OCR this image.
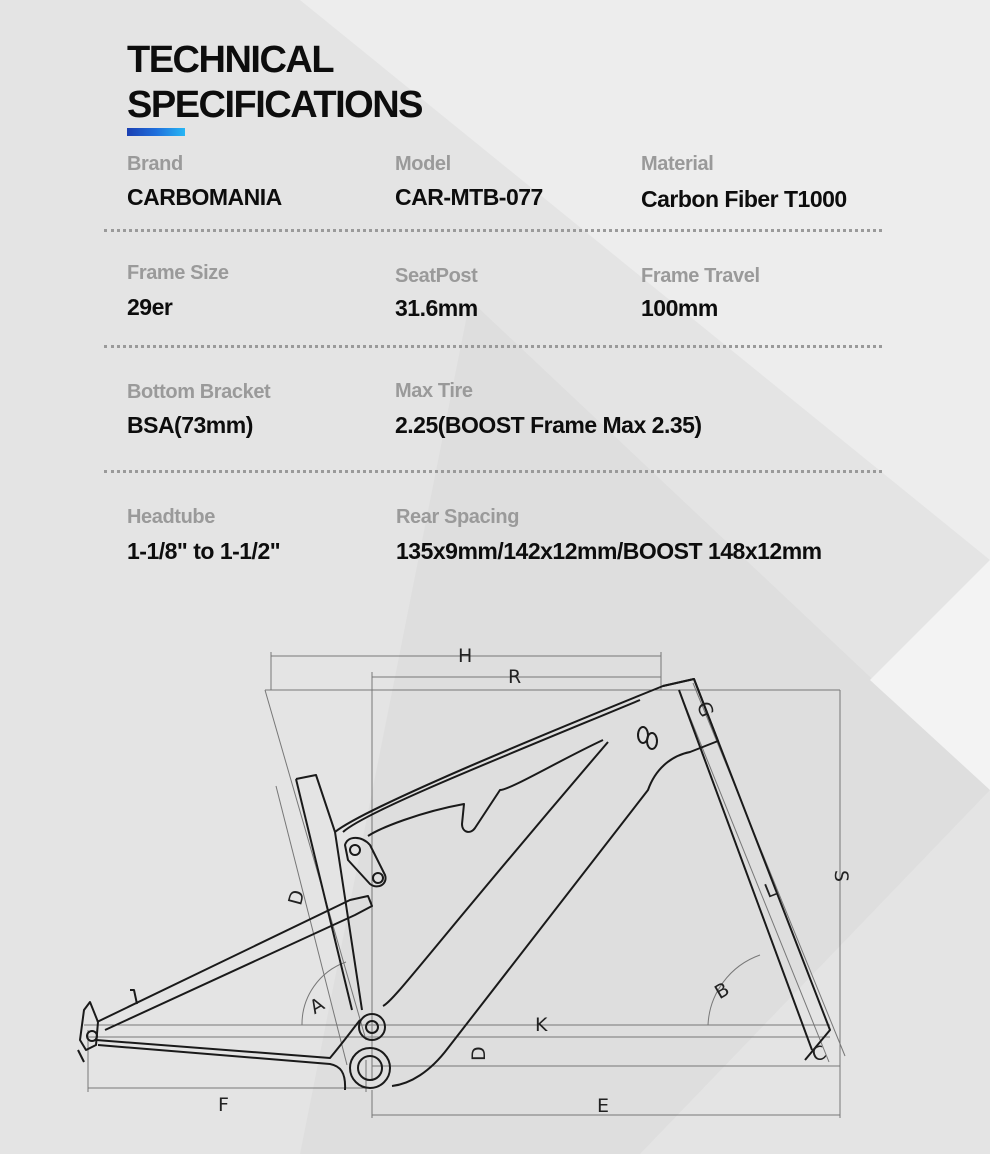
TECHNICAL
SPECIFICATIONS
Brand
CARBOMANIA
Model
CAR-MTB-077
Material
Carbon Fiber T1000
Frame Size
29er
SeatPost
31.6mm
Frame Travel
100mm
Bottom Bracket
BSA(73mm)
Max Tire
2.25(BOOST Frame Max 2.35)
Headtube
1-1/8" to 1-1/2"
Rear Spacing
135x9mm/142x12mm/BOOST 148x12mm
H
R
G
S
L
B
K
D
D
A
C
F	E
